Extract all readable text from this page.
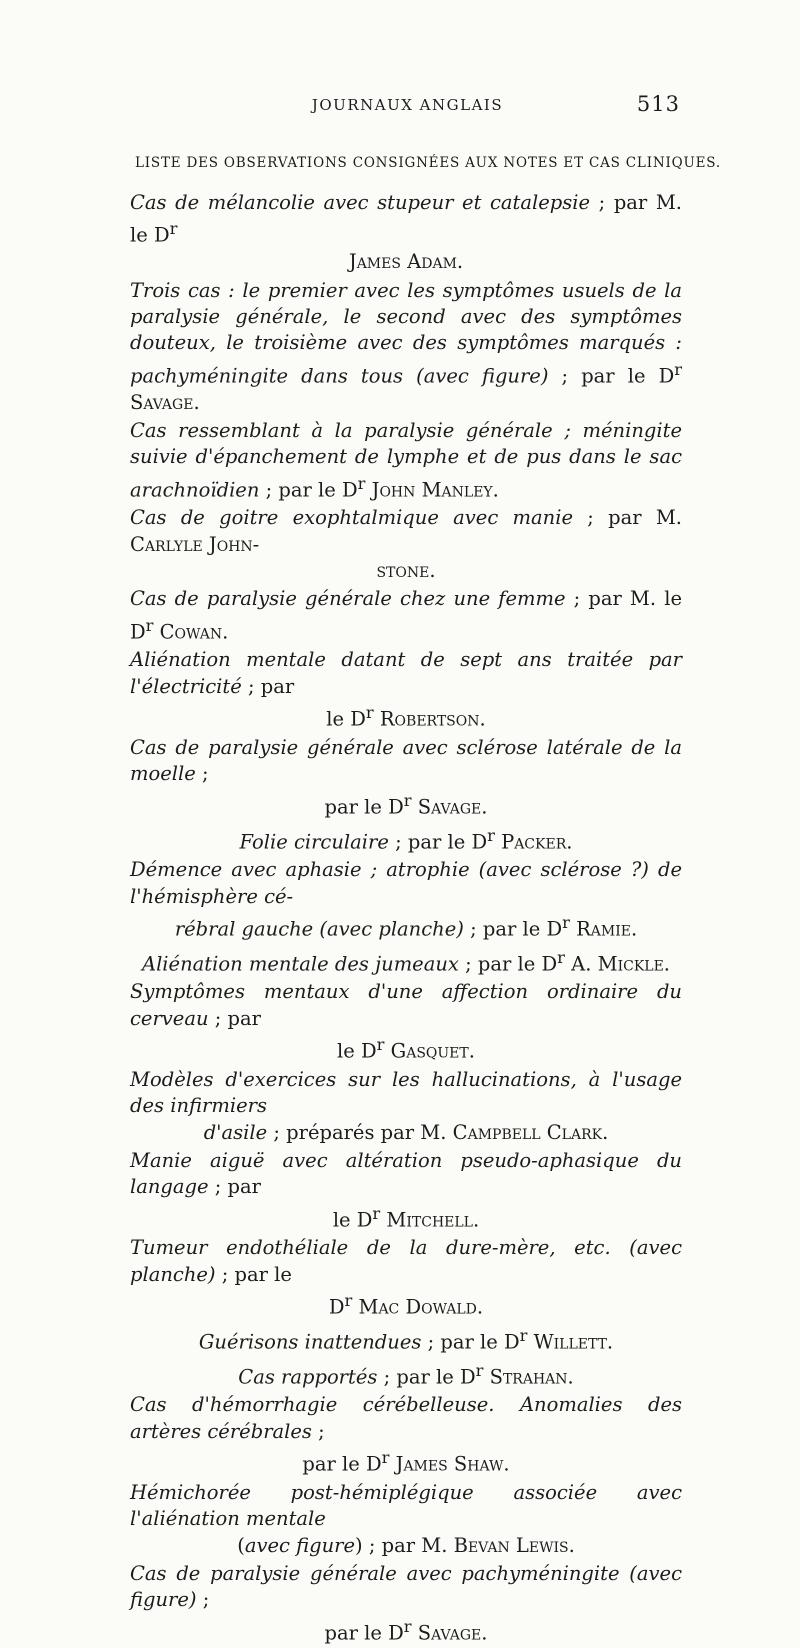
JOURNAUX ANGLAIS	513
LISTE DES OBSERVATIONS CONSIGNÉES AUX NOTES ET CAS CLINIQUES.
Cas de mélancolie avec stupeur et catalepsie ; par M. le $D^r$
James Adam.
Trois cas : le premier avec les symptômes usuels de la paralysie générale, le second avec des symptômes douteux, le troisième avec des symptômes marqués : pachyméningite dans tous (avec figure) ; par le $D^r$ Savage.
Cas ressemblant à la paralysie générale ; méningite suivie d'épanchement de lymphe et de pus dans le sac arachnoïdien ; par le $D^r$ John Manley.
Cas de goitre exophtalmique avec manie ; par M. Carlyle John-
stone.
Cas de paralysie générale chez une femme ; par M. le $D^r$ Cowan.
Aliénation mentale datant de sept ans traitée par l'électricité ; par
le $D^r$ Robertson.
Cas de paralysie générale avec sclérose latérale de la moelle ;
par le $D^r$ Savage.
Folie circulaire ; par le $D^r$ Packer.
Démence avec aphasie ; atrophie (avec sclérose ?) de l'hémisphère cé-
rébral gauche (avec planche) ; par le $D^r$ Ramie.
Aliénation mentale des jumeaux ; par le $D^r$ A. Mickle.
Symptômes mentaux d'une affection ordinaire du cerveau ; par
le $D^r$ Gasquet.
Modèles d'exercices sur les hallucinations, à l'usage des infirmiers
d'asile ; préparés par M. Campbell Clark.
Manie aiguë avec altération pseudo-aphasique du langage ; par
le $D^r$ Mitchell.
Tumeur endothéliale de la dure-mère, etc. (avec planche) ; par le
$D^r$ Mac Dowald.
Guérisons inattendues ; par le $D^r$ Willett.
Cas rapportés ; par le $D^r$ Strahan.
Cas d'hémorrhagie cérébelleuse. Anomalies des artères cérébrales ;
par le $D^r$ James Shaw.
Hémichorée post-hémiplégique associée avec l'aliénation mentale
(avec figure) ; par M. Bevan Lewis.
Cas de paralysie générale avec pachyméningite (avec figure) ;
par le $D^r$ Savage.
